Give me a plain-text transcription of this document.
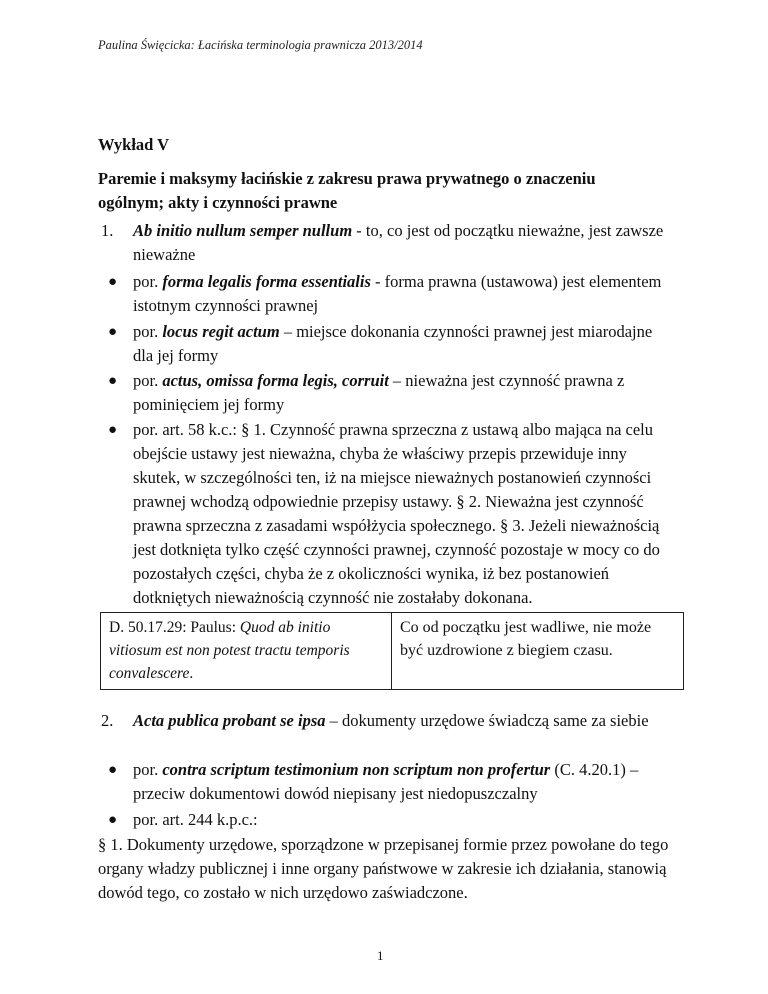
Paulina Święcicka: Łacińska terminologia prawnicza 2013/2014
Wykład V
Paremie i maksymy łacińskie z zakresu prawa prywatnego o znaczeniu ogólnym; akty i czynności prawne
1. Ab initio nullum semper nullum - to, co jest od początku nieważne, jest zawsze nieważne
● por. forma legalis forma essentialis - forma prawna (ustawowa) jest elementem istotnym czynności prawnej
● por. locus regit actum – miejsce dokonania czynności prawnej jest miarodajne dla jej formy
● por. actus, omissa forma legis, corruit – nieważna jest czynność prawna z pominięciem jej formy
● por. art. 58 k.c.: § 1. Czynność prawna sprzeczna z ustawą albo mająca na celu obejście ustawy jest nieważna, chyba że właściwy przepis przewiduje inny skutek, w szczególności ten, iż na miejsce nieważnych postanowień czynności prawnej wchodzą odpowiednie przepisy ustawy. § 2. Nieważna jest czynność prawna sprzeczna z zasadami współżycia społecznego. § 3. Jeżeli nieważnością jest dotknięta tylko część czynności prawnej, czynność pozostaje w mocy co do pozostałych części, chyba że z okoliczności wynika, iż bez postanowień dotkniętych nieważnością czynność nie zostałaby dokonana.
D. 50.17.29: Paulus: Quod ab initio vitiosum est non potest tractu temporis convalescere.
Co od początku jest wadliwe, nie może być uzdrowione z biegiem czasu.
2. Acta publica probant se ipsa – dokumenty urzędowe świadczą same za siebie
● por. contra scriptum testimonium non scriptum non profertur (C. 4.20.1) – przeciw dokumentowi dowód niepisany jest niedopuszczalny
● por. art. 244 k.p.c.:
§ 1. Dokumenty urzędowe, sporządzone w przepisanej formie przez powołane do tego organy władzy publicznej i inne organy państwowe w zakresie ich działania, stanowią dowód tego, co zostało w nich urzędowo zaświadczone.
1
